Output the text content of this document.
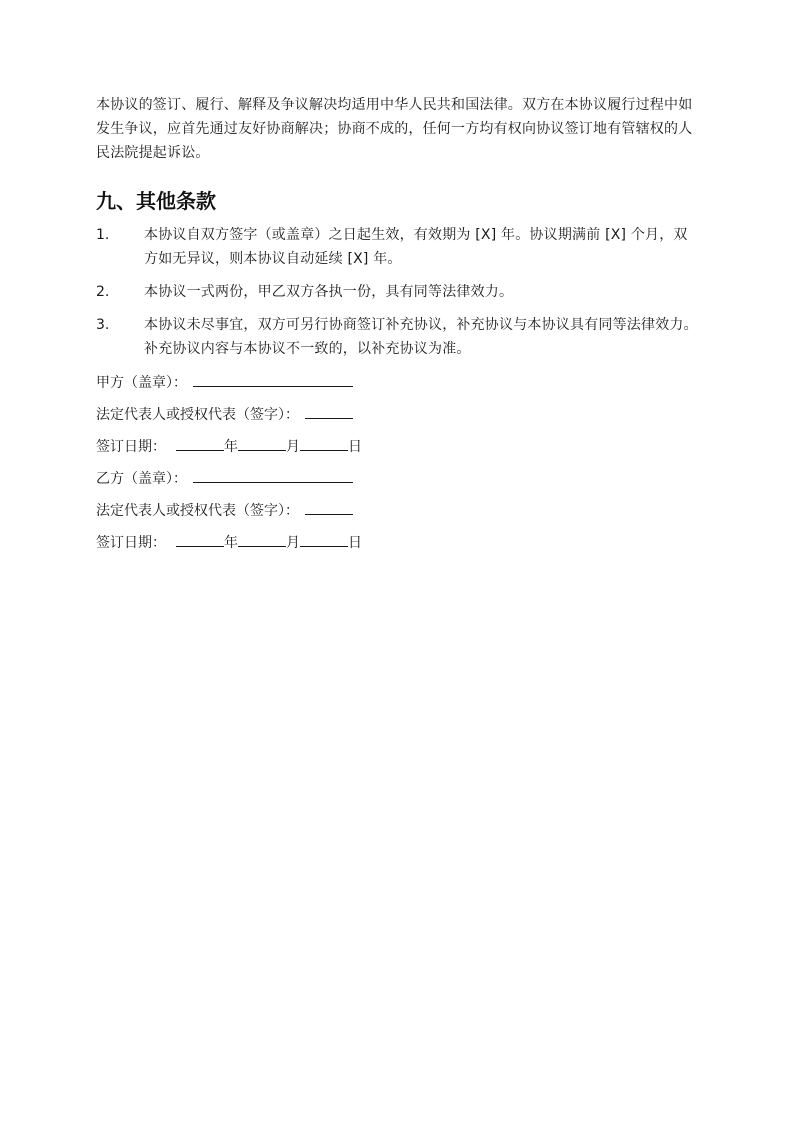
本协议的签订、履行、解释及争议解决均适用中华人民共和国法律。双方在本协议履行过程中如发生争议，应首先通过友好协商解决；协商不成的，任何一方均有权向协议签订地有管辖权的人民法院提起诉讼。

九、其他条款
1.	本协议自双方签字（或盖章）之日起生效，有效期为 [X] 年。协议期满前 [X] 个月，双方如无异议，则本协议自动延续 [X] 年。
2.	本协议一式两份，甲乙双方各执一份，具有同等法律效力。
3.	本协议未尽事宜，双方可另行协商签订补充协议，补充协议与本协议具有同等法律效力。补充协议内容与本协议不一致的，以补充协议为准。
甲方（盖章）：
法定代表人或授权代表（签字）：
签订日期：	年	月	日
乙方（盖章）：
法定代表人或授权代表（签字）：
签订日期：	年	月	日
